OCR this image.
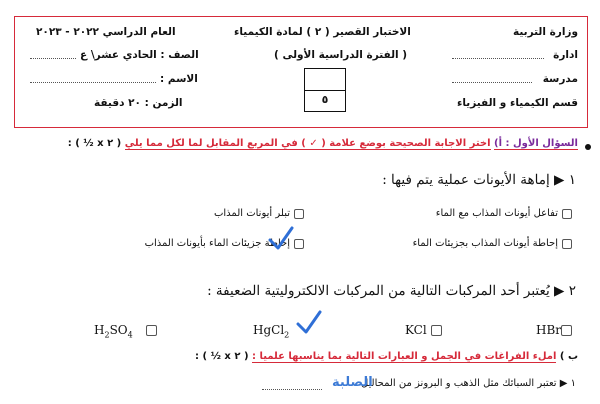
وزارة التربية
الاختبار القصير ( ٢ ) لمادة الكيمياء
العام الدراسي ٢٠٢٢ - ٢٠٢٣
ادارة
( الفترة الدراسية الأولى )
الصف : الحادي عشر\ ع
مدرسة
الاسم :
٥	قسم الكيمياء و الفيزياء
الزمن : ٢٠ دقيقة
السؤال الأول : أ) اختر الاجابة الصحيحة بوضع علامة ( ✓ ) في المربع المقابل لما لكل مما يلي ( ٢ x ½ ) :
١ ▶ إماهة الأيونات عملية يتم فيها :
تفاعل أيونات المذاب مع الماء
تبلر أيونات المذاب
إحاطة أيونات المذاب بجزيئات الماء
إحاطة جزيئات الماء بأيونات المذاب
٢ ▶ يُعتبر أحد المركبات التالية من المركبات الالكتروليتية الضعيفة :
HBr
KCl
HgCl$_2$
$H_2SO_4$
ب ) املء الفراغات في الجمل و العبارات التالية بما يناسبها علميا : ( ٢ x ½ ) :
١ ▶ تعتبر السبائك مثل الذهب و البرونز من المحاليل
الصلبة
